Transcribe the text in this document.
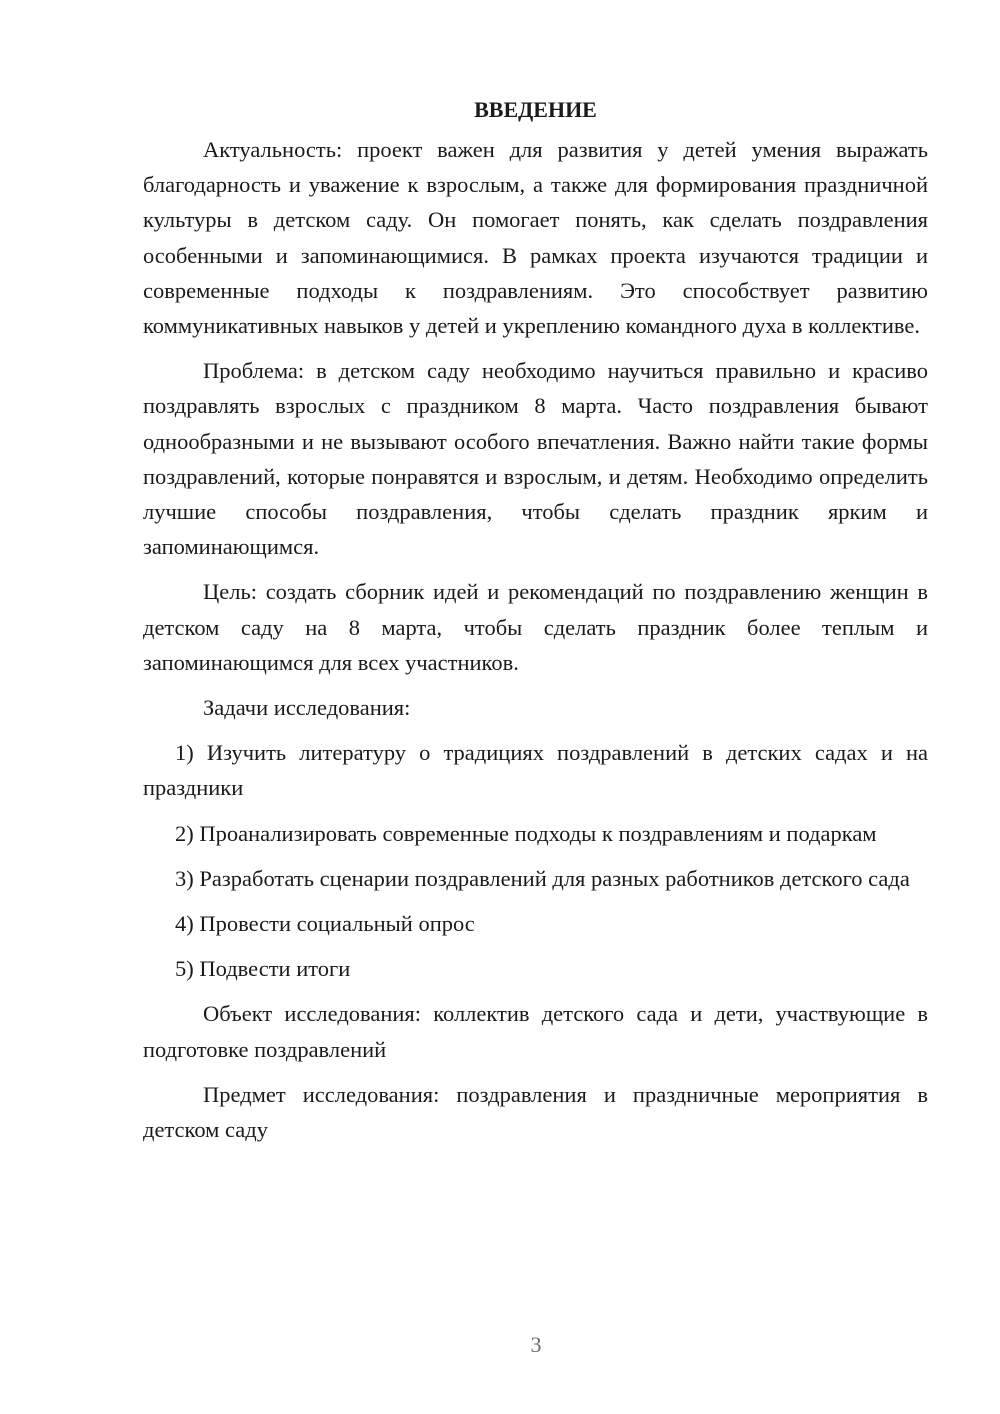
ВВЕДЕНИЕ

Актуальность: проект важен для развития у детей умения выражать благодарность и уважение к взрослым, а также для формирования праздничной культуры в детском саду. Он помогает понять, как сделать поздравления особенными и запоминающимися. В рамках проекта изучаются традиции и современные подходы к поздравлениям. Это способствует развитию коммуникативных навыков у детей и укреплению командного духа в коллективе.

Проблема: в детском саду необходимо научиться правильно и красиво поздравлять взрослых с праздником 8 марта. Часто поздравления бывают однообразными и не вызывают особого впечатления. Важно найти такие формы поздравлений, которые понравятся и взрослым, и детям. Необходимо определить лучшие способы поздравления, чтобы сделать праздник ярким и запоминающимся.

Цель: создать сборник идей и рекомендаций по поздравлению женщин в детском саду на 8 марта, чтобы сделать праздник более теплым и запоминающимся для всех участников.

Задачи исследования:

1) Изучить литературу о традициях поздравлений в детских садах и на праздники

2) Проанализировать современные подходы к поздравлениям и подаркам

3) Разработать сценарии поздравлений для разных работников детского сада

4) Провести социальный опрос

5) Подвести итоги

Объект исследования: коллектив детского сада и дети, участвующие в подготовке поздравлений

Предмет исследования: поздравления и праздничные мероприятия в детском саду

3
